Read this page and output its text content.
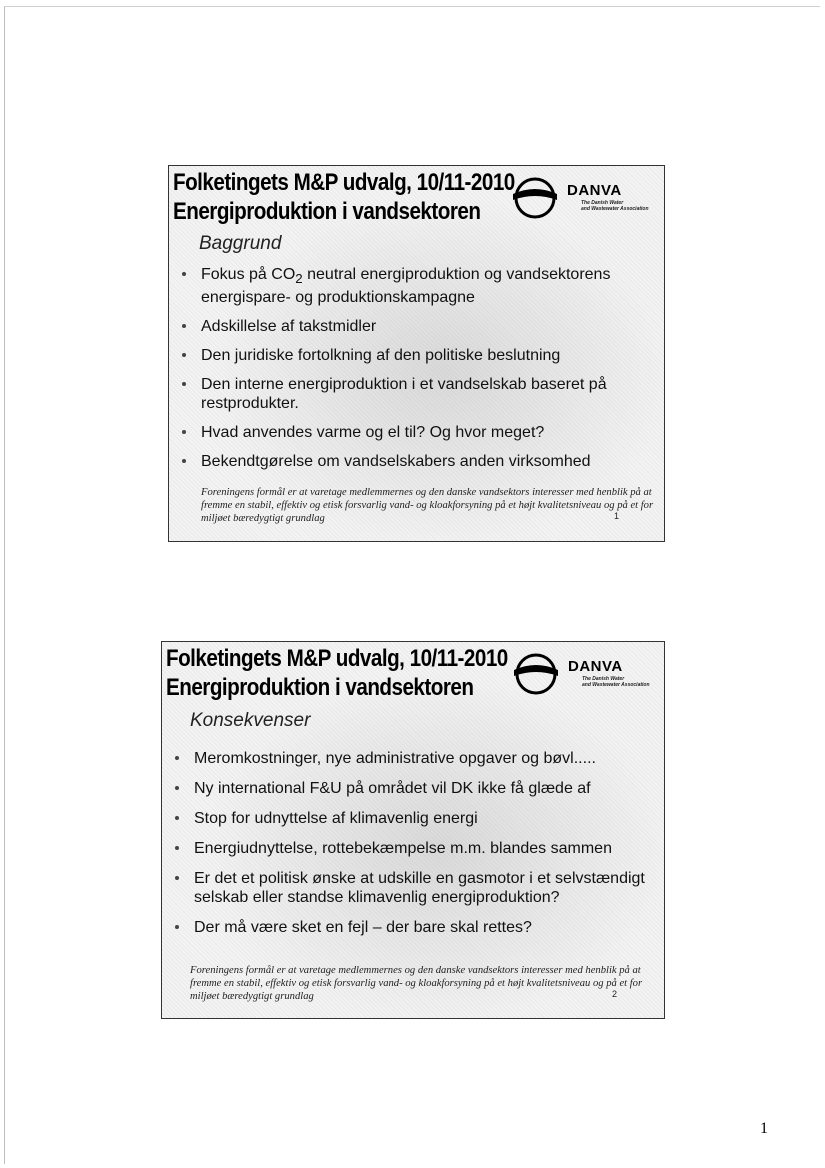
Folketingets M&P udvalg, 10/11-2010
Energiproduktion i vandsektoren
DANVA
The Danish Water
and Wastewater Association
Baggrund
Fokus på $CO_2$ neutral energiproduktion og vandsektorens energispare- og produktionskampagne
Adskillelse af takstmidler
Den juridiske fortolkning af den politiske beslutning
Den interne energiproduktion i et vandselskab baseret på restprodukter.
Hvad anvendes varme og el til? Og hvor meget?
Bekendtgørelse om vandselskabers anden virksomhed

Foreningens formål er at varetage medlemmernes og den danske vandsektors interesser med henblik på at fremme en stabil, effektiv og etisk forsvarlig vand- og kloakforsyning på et højt kvalitetsniveau og på et for miljøet bæredygtigt grundlag	1
Folketingets M&P udvalg, 10/11-2010
Energiproduktion i vandsektoren
DANVA
The Danish Water
and Wastewater Association
Konsekvenser
Meromkostninger, nye administrative opgaver og bøvl.....
Ny international F&U på området vil DK ikke få glæde af
Stop for udnyttelse af klimavenlig energi
Energiudnyttelse, rottebekæmpelse m.m. blandes sammen
Er det et politisk ønske at udskille en gasmotor i et selvstændigt selskab eller standse klimavenlig energiproduktion?
Der må være sket en fejl – der bare skal rettes?

Foreningens formål er at varetage medlemmernes og den danske vandsektors interesser med henblik på at fremme en stabil, effektiv og etisk forsvarlig vand- og kloakforsyning på et højt kvalitetsniveau og på et for miljøet bæredygtigt grundlag	2
1
